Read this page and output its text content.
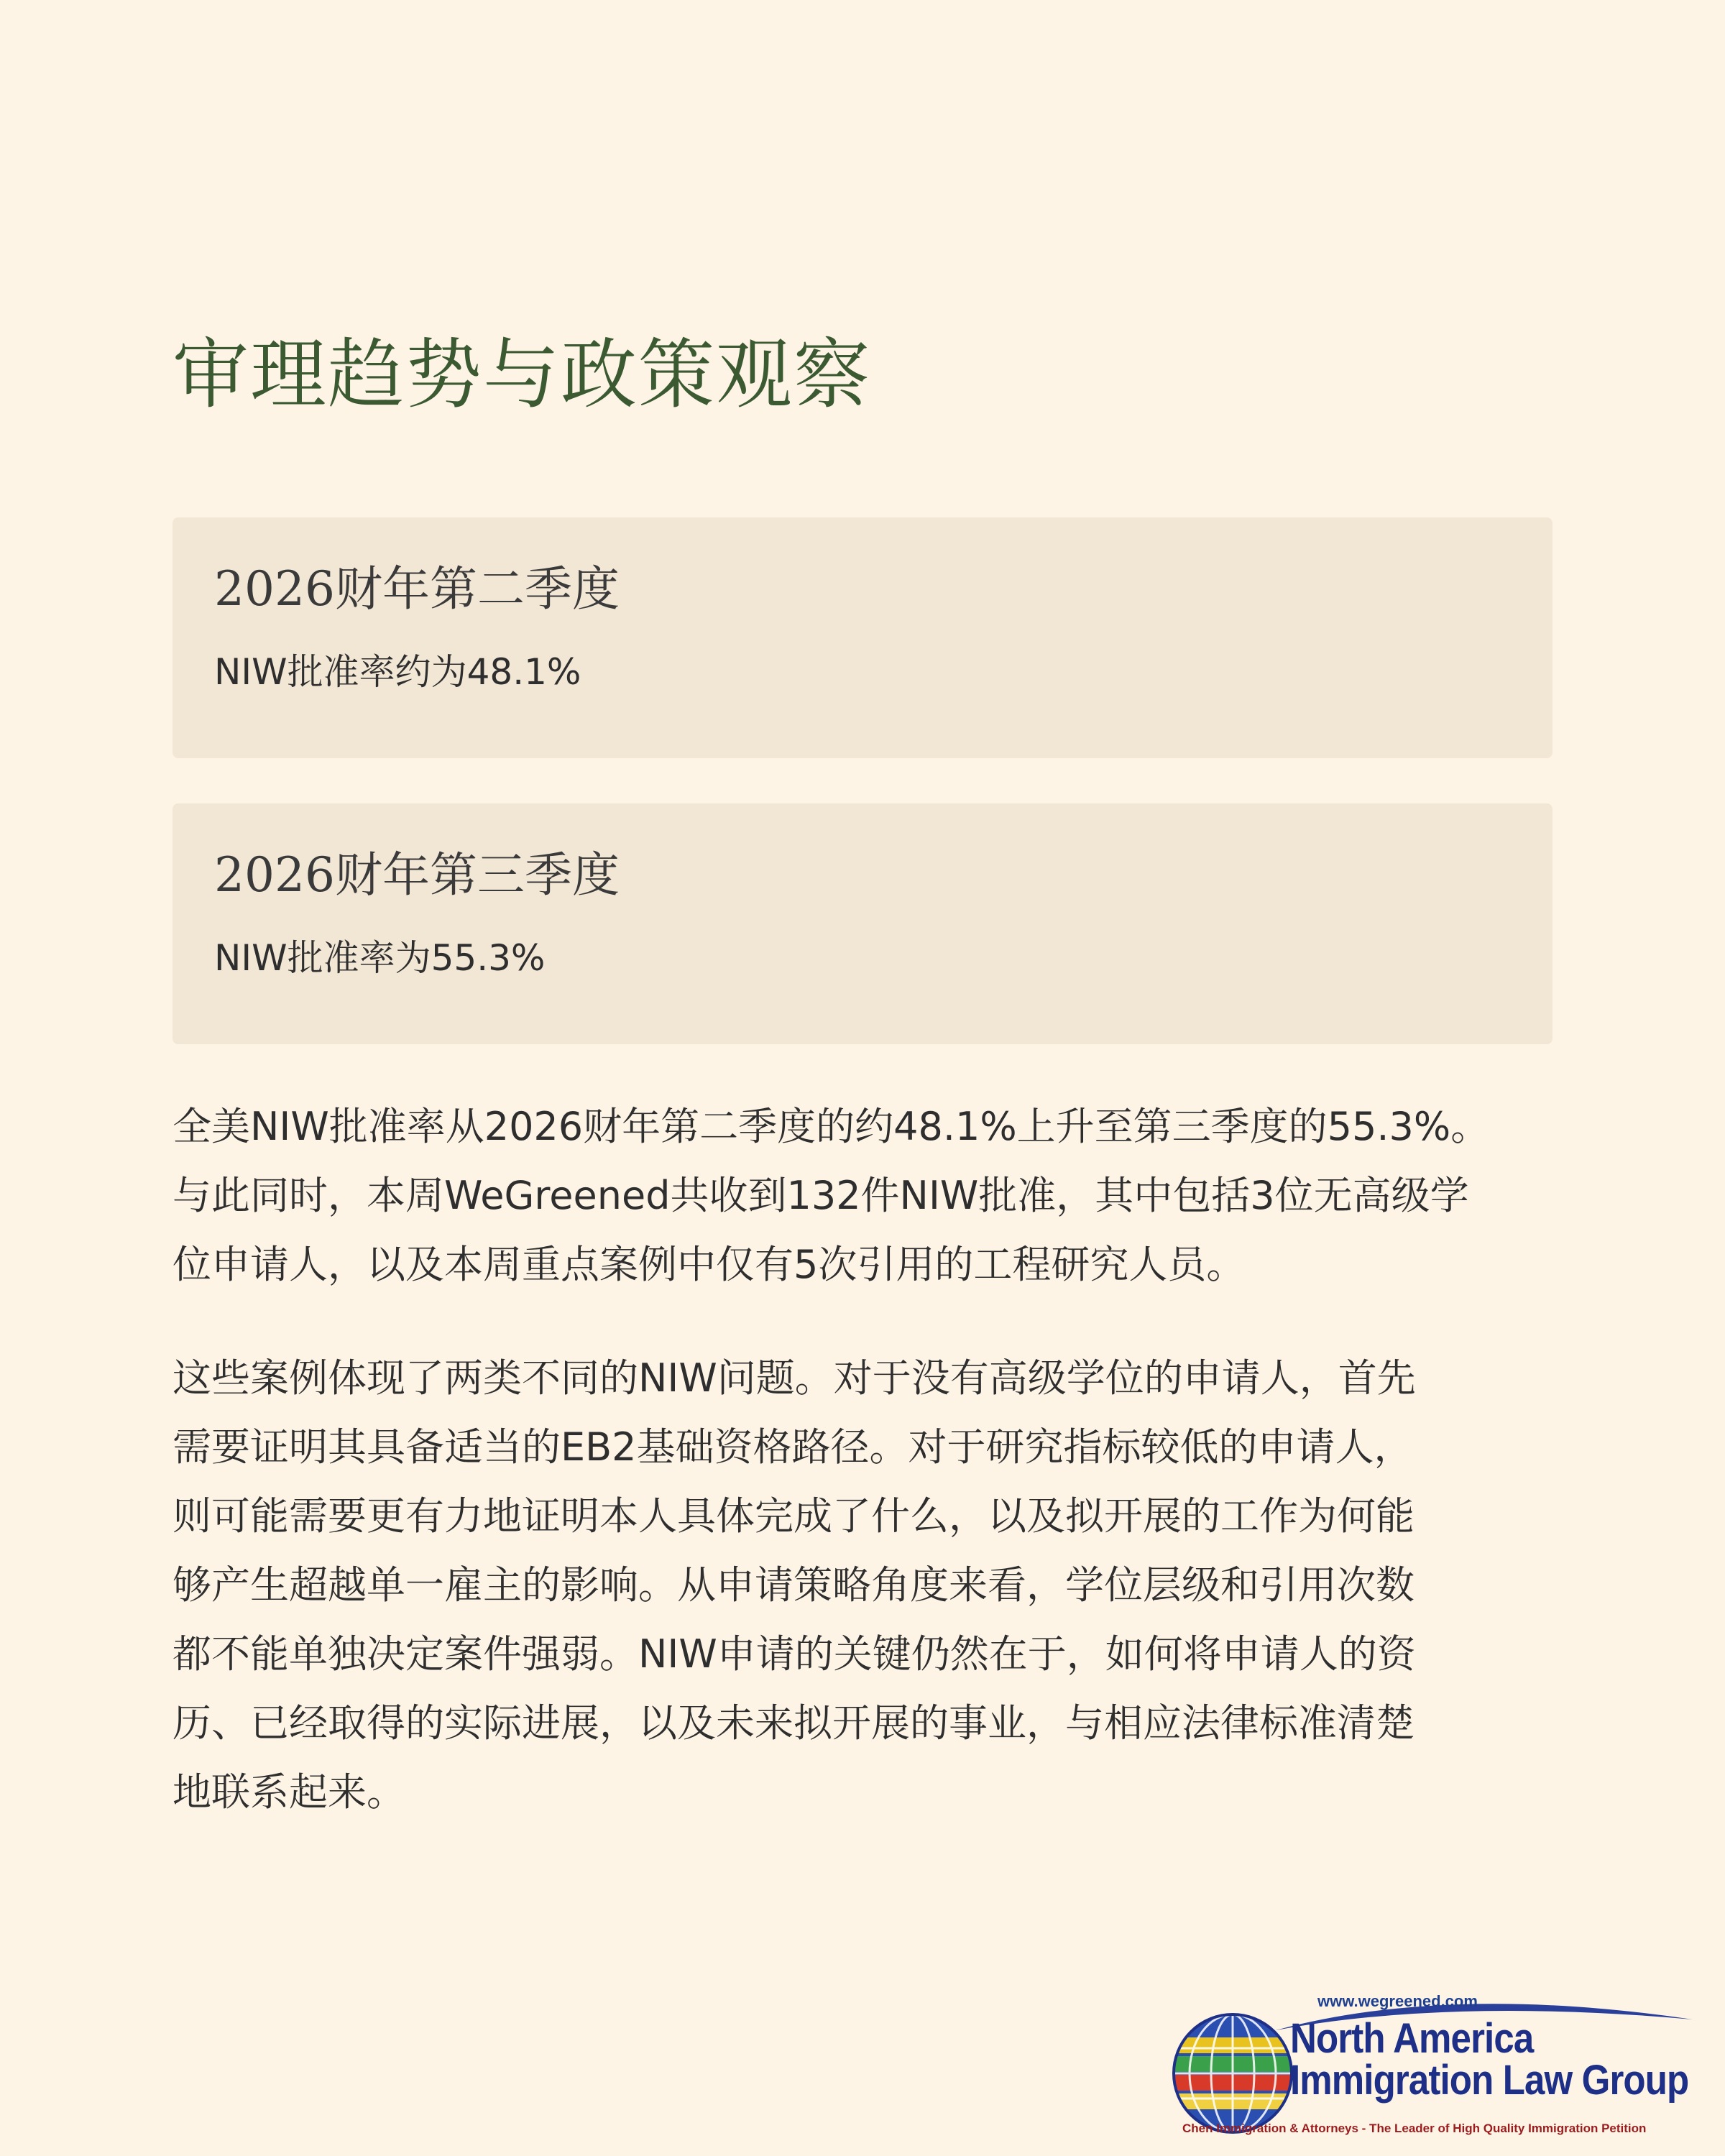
审理趋势与政策观察
2026财年第二季度
NIW批准率约为48.1%
2026财年第三季度
NIW批准率为55.3%

全美NIW批准率从2026财年第二季度的约48.1%上升至第三季度的55.3%。
与此同时，本周WeGreened共收到132件NIW批准，其中包括3位无高级学
位申请人，以及本周重点案例中仅有5次引用的工程研究人员。

这些案例体现了两类不同的NIW问题。对于没有高级学位的申请人，首先
需要证明其具备适当的EB2基础资格路径。对于研究指标较低的申请人，
则可能需要更有力地证明本人具体完成了什么，以及拟开展的工作为何能
够产生超越单一雇主的影响。从申请策略角度来看，学位层级和引用次数
都不能单独决定案件强弱。NIW申请的关键仍然在于，如何将申请人的资
历、已经取得的实际进展，以及未来拟开展的事业，与相应法律标准清楚
地联系起来。

www.wegreened.com
North America
Immigration Law Group
Chen Immigration & Attorneys - The Leader of High Quality Immigration Petition
